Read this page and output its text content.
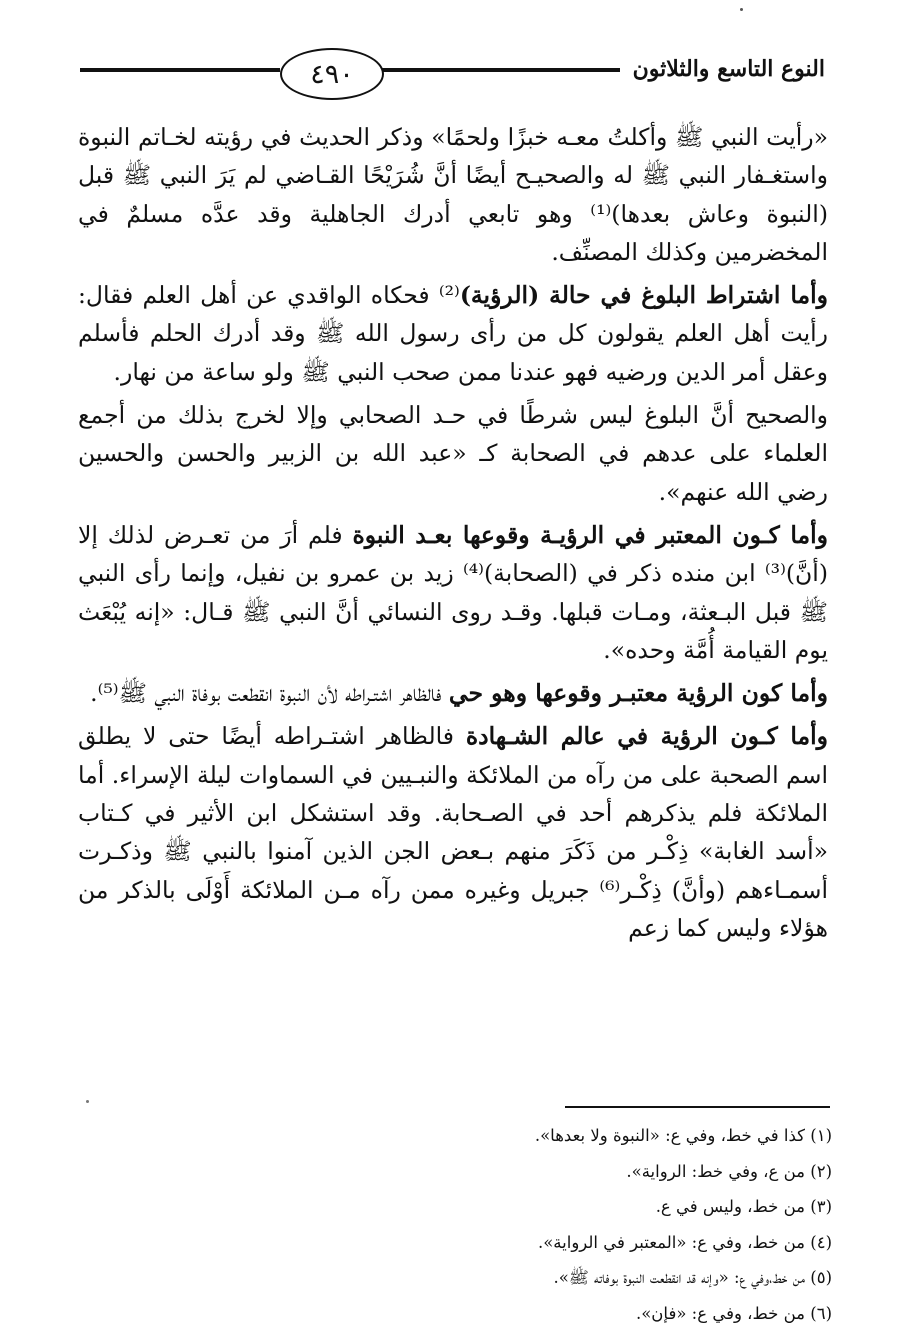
٤٩٠	النوع التاسع والثلاثون

«رأيت النبي ﷺ وأكلتُ معـه خبزًا ولحمًا» وذكر الحديث في رؤيته لخـاتم النبوة واستغـفار النبي ﷺ له والصحيـح أيضًا أنَّ شُرَيْحًا القـاضي لم يَرَ النبي ﷺ قبل (النبوة وعاش بعدها)⁽¹⁾ وهو تابعي أدرك الجاهلية وقد عدَّه مسلمٌ في المخضرمين وكذلك المصنِّف.

وأما اشتراط البلوغ في حالة (الرؤية)⁽²⁾ فحكاه الواقدي عن أهل العلم فقال: رأيت أهل العلم يقولون كل من رأى رسول الله ﷺ وقد أدرك الحلم فأسلم وعقل أمر الدين ورضيه فهو عندنا ممن صحب النبي ﷺ ولو ساعة من نهار.

والصحيح أنَّ البلوغ ليس شرطًا في حـد الصحابي وإلا لخرج بذلك من أجمع العلماء على عدهم في الصحابة كـ «عبد الله بن الزبير والحسن والحسين رضي الله عنهم».

وأما كـون المعتبر في الرؤيـة وقوعها بعـد النبوة فلم أرَ من تعـرض لذلك إلا (أنَّ)⁽³⁾ ابن منده ذكر في (الصحابة)⁽⁴⁾ زيد بن عمرو بن نفيل، وإنما رأى النبي ﷺ قبل البـعثة، ومـات قبلها. وقـد روى النسائي أنَّ النبي ﷺ قـال: «إنه يُبْعَث يوم القيامة أُمَّة وحده».

وأما كون الرؤية معتبـر وقوعها وهو حي فالظاهر اشتـراطه لأن النبوة انقطعت بوفاة النبي ﷺ⁽⁵⁾.

وأما كـون الرؤية في عالم الشـهادة فالظاهر اشتـراطه أيضًا حتى لا يطلق اسم الصحبة على من رآه من الملائكة والنبـيين في السماوات ليلة الإسراء. أما الملائكة فلم يذكرهم أحد في الصـحابة. وقد استشكل ابن الأثير في كـتاب «أسد الغابة» ذِكْـر من ذَكَرَ منهم بـعض الجن الذين آمنوا بالنبي ﷺ وذكـرت أسمـاءهم (وأنَّ) ذِكْـر⁽⁶⁾ جبريل وغيره ممن رآه مـن الملائكة أَوْلَى بالذكر من هؤلاء وليس كما زعم

(١) كذا في خط، وفي ع: «النبوة ولا بعدها».

(٢) من ع، وفي خط: الرواية».

(٣) من خط، وليس في ع.

(٤) من خط، وفي ع: «المعتبر في الرواية».

(٥) من خط،وفي ع: «وإنه قد انقطعت النبوة بوفاته ﷺ».

(٦) من خط، وفي ع: «فإن».
